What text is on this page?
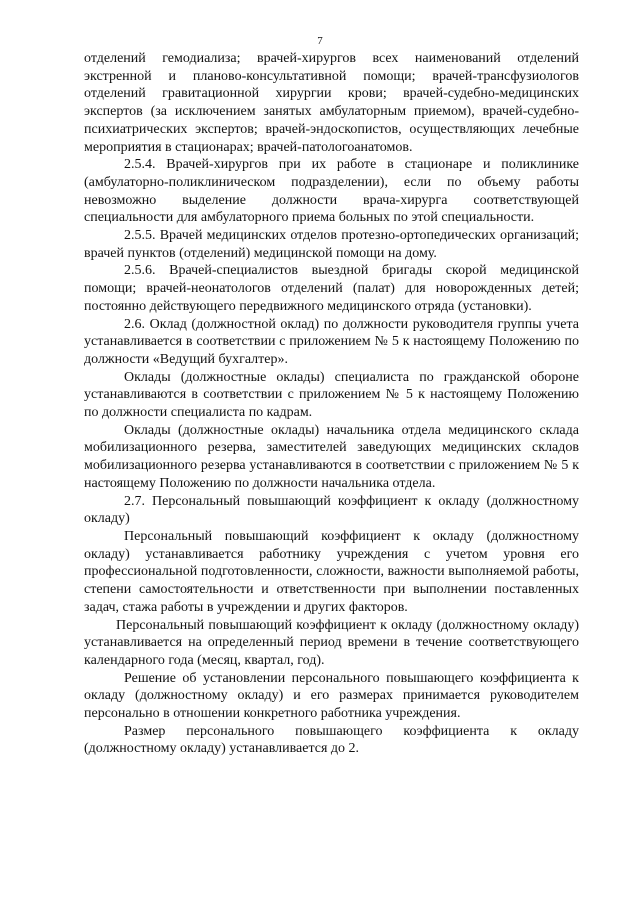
7

отделений гемодиализа; врачей-хирургов всех наименований отделений экстренной и планово-консультативной помощи; врачей-трансфузиологов отделений гравитационной хирургии крови; врачей-судебно-медицинских экспертов (за исключением занятых амбулаторным приемом), врачей-судебно-психиатрических экспертов; врачей-эндоскопистов, осуществляющих лечебные мероприятия в стационарах; врачей-патологоанатомов.

2.5.4. Врачей-хирургов при их работе в стационаре и поликлинике (амбулаторно-поликлиническом подразделении), если по объему работы невозможно выделение должности врача-хирурга соответствующей специальности для амбулаторного приема больных по этой специальности.

2.5.5. Врачей медицинских отделов протезно-ортопедических организаций; врачей пунктов (отделений) медицинской помощи на дому.

2.5.6. Врачей-специалистов выездной бригады скорой медицинской помощи; врачей-неонатологов отделений (палат) для новорожденных детей; постоянно действующего передвижного медицинского отряда (установки).

2.6. Оклад (должностной оклад) по должности руководителя группы учета устанавливается в соответствии с приложением № 5 к настоящему Положению по должности «Ведущий бухгалтер».

Оклады (должностные оклады) специалиста по гражданской обороне устанавливаются в соответствии с приложением № 5 к настоящему Положению по должности специалиста по кадрам.

Оклады (должностные оклады) начальника отдела медицинского склада мобилизационного резерва, заместителей заведующих медицинских складов мобилизационного резерва устанавливаются в соответствии с приложением № 5 к настоящему Положению по должности начальника отдела.

2.7. Персональный повышающий коэффициент к окладу (должностному окладу)

Персональный повышающий коэффициент к окладу (должностному окладу) устанавливается работнику учреждения с учетом уровня его профессиональной подготовленности, сложности, важности выполняемой работы, степени самостоятельности и ответственности при выполнении поставленных задач, стажа работы в учреждении и других факторов.

Персональный повышающий коэффициент к окладу (должностному окладу) устанавливается на определенный период времени в течение соответствующего календарного года (месяц, квартал, год).

Решение об установлении персонального повышающего коэффициента к окладу (должностному окладу) и его размерах принимается руководителем персонально в отношении конкретного работника учреждения.

Размер персонального повышающего коэффициента к окладу (должностному окладу) устанавливается до 2.
